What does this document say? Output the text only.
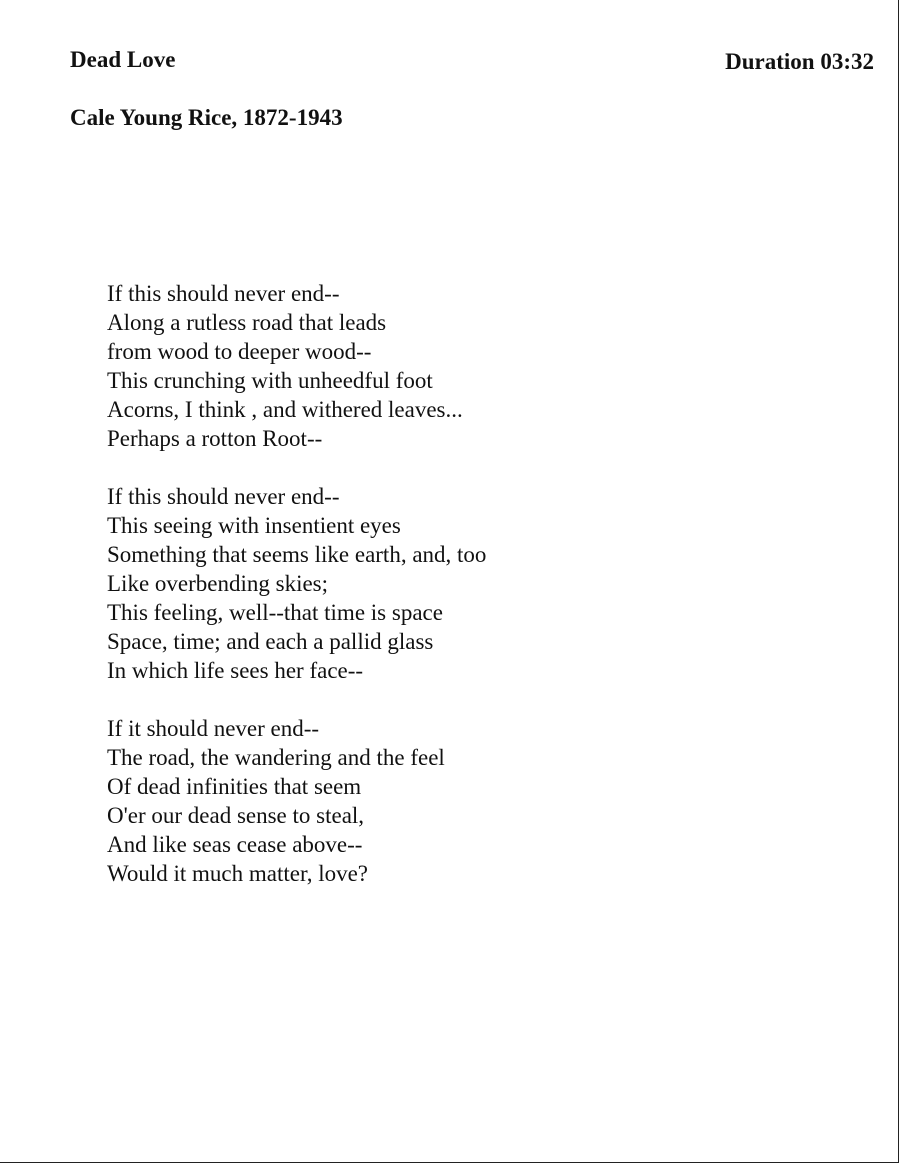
Dead Love	Duration 03:32
Cale Young Rice, 1872-1943
If this should never end--
Along a rutless road that leads
from wood to deeper wood--
This crunching with unheedful foot
Acorns, I think , and withered leaves...
Perhaps a rotton Root--
If this should never end--
This seeing with insentient eyes
Something that seems like earth, and, too
Like overbending skies;
This feeling, well--that time is space
Space, time; and each a pallid glass
In which life sees her face--
If it should never end--
The road, the wandering and the feel
Of dead infinities that seem
O'er our dead sense to steal,
And like seas cease above--
Would it much matter, love?
